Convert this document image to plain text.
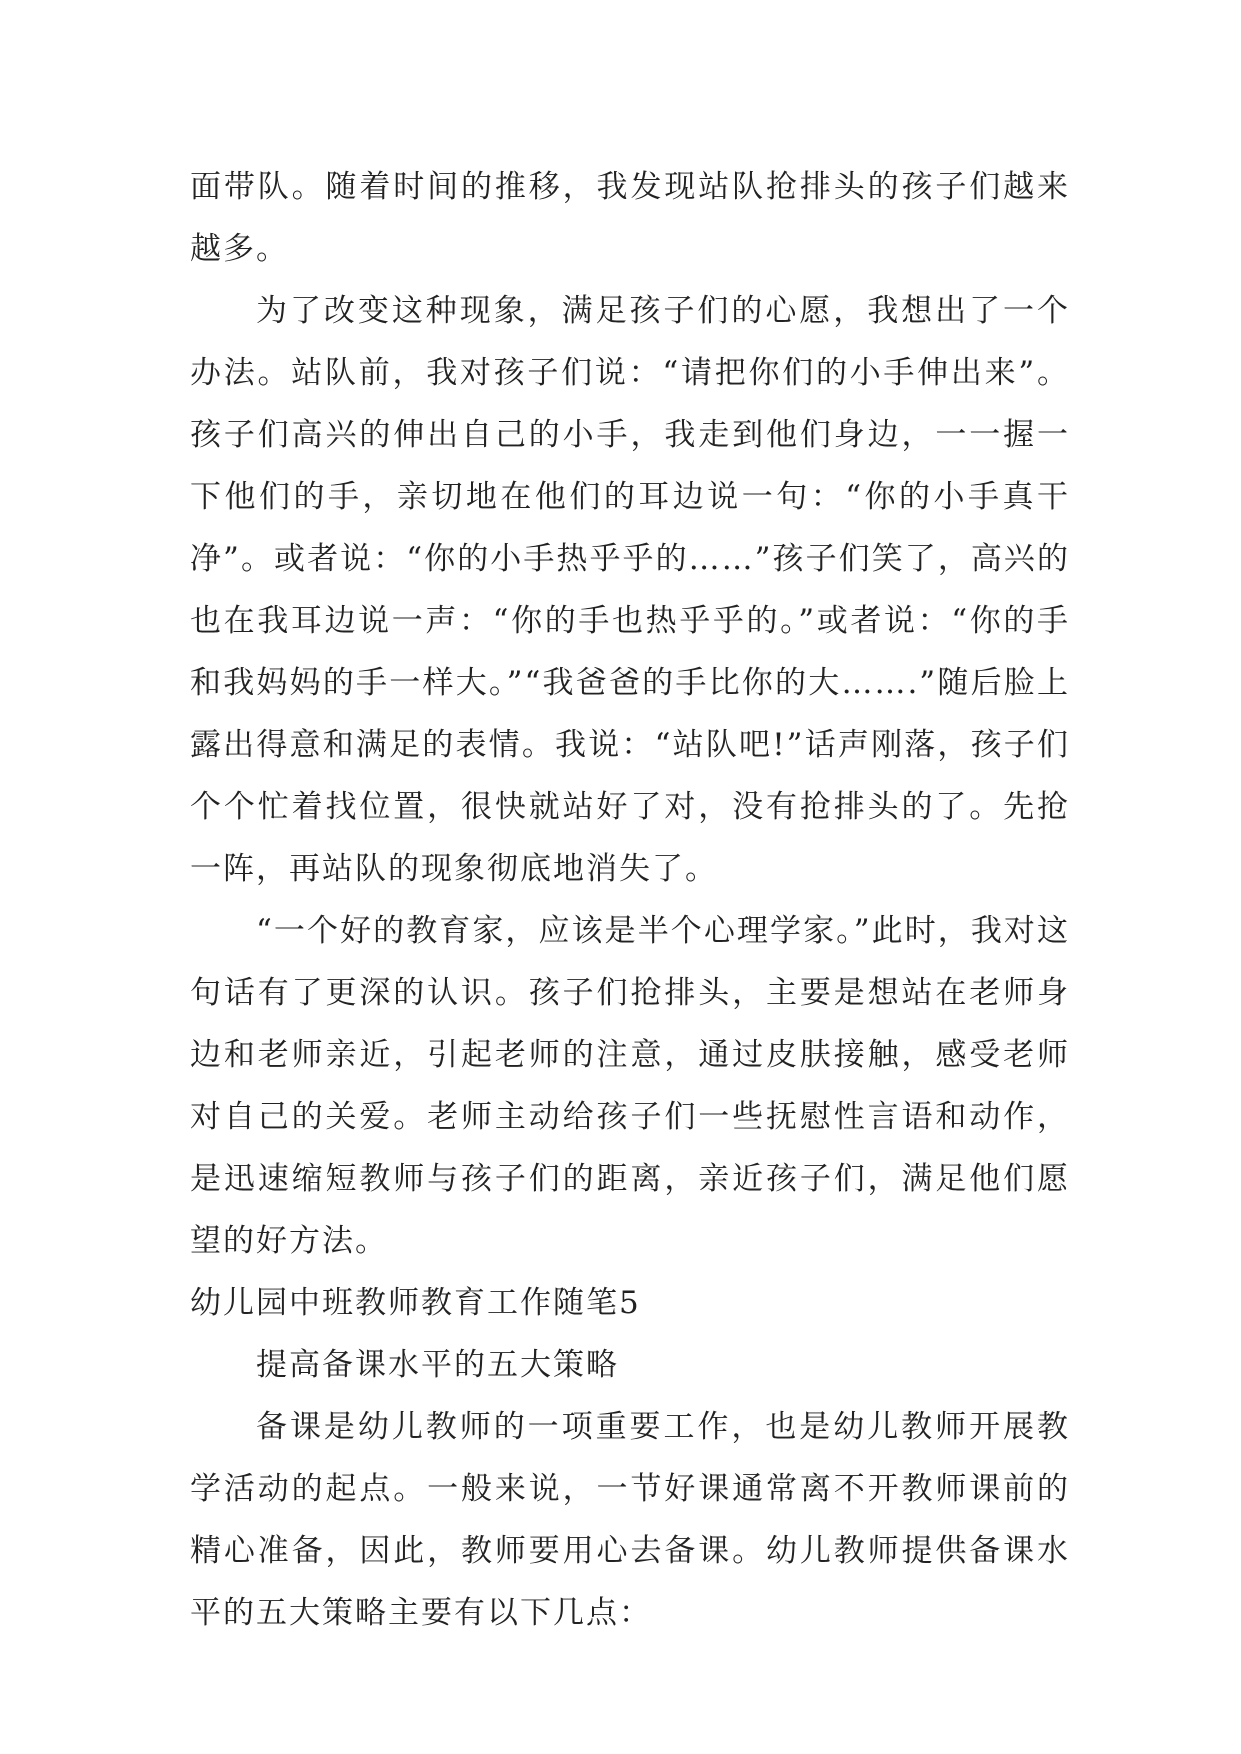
面带队。随着时间的推移，我发现站队抢排头的孩子们越来越多。

为了改变这种现象，满足孩子们的心愿，我想出了一个办法。站队前，我对孩子们说：“请把你们的小手伸出来”。孩子们高兴的伸出自己的小手，我走到他们身边，一一握一下他们的手，亲切地在他们的耳边说一句：“你的小手真干净”。或者说：“你的小手热乎乎的……”孩子们笑了，高兴的也在我耳边说一声：“你的手也热乎乎的。”或者说：“你的手和我妈妈的手一样大。”“我爸爸的手比你的大…….”随后脸上露出得意和满足的表情。我说：“站队吧!”话声刚落，孩子们个个忙着找位置，很快就站好了对，没有抢排头的了。先抢一阵，再站队的现象彻底地消失了。

“一个好的教育家，应该是半个心理学家。”此时，我对这句话有了更深的认识。孩子们抢排头，主要是想站在老师身边和老师亲近，引起老师的注意，通过皮肤接触，感受老师对自己的关爱。老师主动给孩子们一些抚慰性言语和动作，是迅速缩短教师与孩子们的距离，亲近孩子们，满足他们愿望的好方法。

幼儿园中班教师教育工作随笔5
提高备课水平的五大策略

备课是幼儿教师的一项重要工作，也是幼儿教师开展教学活动的起点。一般来说，一节好课通常离不开教师课前的精心准备，因此，教师要用心去备课。幼儿教师提供备课水平的五大策略主要有以下几点：
